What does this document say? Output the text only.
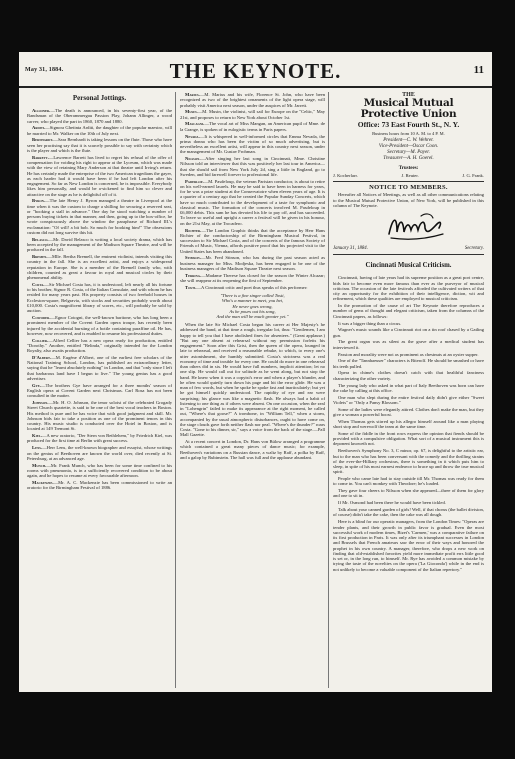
May 31, 1884.	THE KEYNOTE.	11
Personal Jottings.

Allioner.—The death is announced, in his seventy-first year, of the Bandsman of the Oberammergau Passion Play, Johann Allinger, a wood carver, who played the part in 1860, 1870 and 1880.

Arditi.—Signora Ghetinta Arditi, the daughter of the popular maestro, will be married to Mr. Walker on the 10th of July next.

Bernhardt.—Sara Bernhardt is taking lessons on the flute. Those who have seen her practising say that it is scarcely possible to say with certainty which is the player and which is the flute.

Barrett.—Lawrence Barrett has lived to regret his refusal of the offer of compensation for voiding his right to appear at the Lyceum, which was made with the view of retaining Mary Anderson at that theatre until Irving's return. He has certainly made the enterprise of the two American tragedians the gayer, as each harder had it would have been if he had left London after his engagement. So far as New London is concerned, he is impossible. Everybody likes him personally, and would be a-sickened to find him so clever and attractive on the stage as he is delightful off of it.

Byron.—The late Henry J. Byron managed a theatre in Liverpool at the time when it was the custom to charge a shilling for securing a reserved seat, or "booking a stall in advance." One day he stood watching a number of persons buying tickets in that manner, and then, going up to the box-office, he wrote conspicuously above the window the paraphrase of Richard III.'s exclamation: "Of will! a bit bob. So much for booking him!" The obsessions custom did not long survive this hit.

Belasco.—Mr. David Belasco is writing a local society drama, which has been accepted by the management of the Madison Square Theatre, and will be produced in the fall.

Bremen.—Mlle. Bertha Bremell, the eminent violinist, intends visiting this country in the fall. She is an excellent artist, and enjoys a widespread reputation in Europe. She is a member of the Bremell family who, with children, counted as great a favour in royal and musical circles by their phenomenal ability.

Costa.—Sir Michael Costa has, it is understood, left nearly all his fortune to his brother, Signor R. Costa, of the Italian Consulate, and with whom he has resided for many years past. His property consists of two freehold houses in Eccleston-square, Belgravia, with stocks and securities probably worth about £10,000. Costa's magnificent library of scores, etc., will probably be sold by auction.

Cowoder.—Egnor Cotogni, the well-known baritone, who has long been a prominent member of the Covent Garden opera troupe, has recently been injured by the accidental bursting of a bottle containing paraffine oil. He has, however, now recovered, and is enabled to resume his professional duties.

Collier.—Alfred Cellier has a new opera ready for production, entitled "Dorothy." Another, entitled "Belinda," originally intended for the London Royalty, also awaits production.

D'Albert.—M. Eugène d'Albert, one of the earliest free scholars of the National Training School, London, has published an extraordinary letter, saying that he "learnt absolutely nothing" in London, and that "only since I left that barbarous land have I begun to live." The young genius has a good advertiser.

Gye.—The brothers Gye have arranged for a three months' season of English opera at Covent Garden next Christmas. Carl Rosa has not been consulted in the matter.

Johnson.—Mr. H. O. Johnson, the tenor soloist of the celebrated Grogady Street Church quartette, is said to be one of the best vocal teachers in Boston. His method is pure and he has voice that with good judgment and skill. Mr. Johnson bids fair to take a position as one of the prominent tenors in this country. His music studio is conducted over the Hotel in Boston, and is located at 149 Tremont St.

Kiel.—A new oratorio, "Der Stern von Bethlehem," by Friedrich Kiel, was produced for the first time at Berlin with great success.

Lens.—Herr Lens, the well-known biographer and essayist, whose writings on the genius of Beethoven are known the world over, died recently at St. Petersburg, at an advanced age.

Munch.—Mr. Frank Munch, who has been for some time confined to his rooms with pneumonia, is in a sufficiently recovered condition to be about again, and he hopes to resume at every favourable afternoon.

Mackenzie.—Mr. A. C. Mackenzie has been commissioned to write an oratorio for the Birmingham Festival of 1886.

Marius.—M. Marius and his wife, Florence St. John, who have been recognized as two of the brightest ornaments of the light opera stage, will probably visit America next season, under the auspices of Mr. Jarrett.

Musin.—M. Musin, the violinist, will sail for Europe on the "Celtic," May 21st, and proposes to return to New York about October 1st.

Mascagni.—The vocal art of Miss Mangan, an American pupil of Mme. de la Grange, is spoken of in eulogistic terms in Paris papers.

Nevada.—It is whispered in well-informed circles that Emma Nevada, the prima donna who has been the victim of so much advertising, but is nevertheless an excellent artist, will appear in this country next season, under the management of Mr. Gustav Frohman.

Nilsson.—After singing her last song in Cincinnati, Mme. Christine Nilsson told an interviewer that this was positively her last tour in America—that she should sail from New York July 2d, sing a little in England, go to Sweden, and bid farewell forever to professional life.

Paderlop.—M. Pasdeloup, the veteran Parisian conductor, is about to retire on his well-earned laurels. He may be said to have been in harness for years, for he was a prize student at the Conservatoire when eleven years of age. It is a quarter of a century ago that he created the Popular Sunday Concerts, which have so much contributed to the development of a taste for symphonic and classical music. The formation of the concerts involved M. Pasdeloup in £6,000 debts. This sum he has devoted his life to pay off, and has succeeded. To leave so useful and upright a career a festival will be given in his honour, on the 21st May, at the Trocadero.

Richter.—The London Graphic thinks that the acceptance by Herr Hans Richter of the conductorship of the Birmingham Musical Festival, in succession to Sir Michael Costa, and of the concerts of the famous Society of Friends of Music, Vienna, affords positive proof that his projected visit to the United States has been abandoned.

Stimson.—Mr. Fred Stinson, who has during the past season acted as business manager for Miss. Modjeska, has been engaged to be one of the business managers of the Madison Square Theatre next season.

Terrina.—Madame Therese has closed for the season the Winter Alcazar; she will reappear at its reopening the first of September.

Tosti.—A Cincinnati critic and poet thus speaks of this performer:

"There is a fine singer called Tosti,
Who's a manner to meet, you bet,
He never goes wrong,
As he pours out his song,
And the man will be much greater yet."

When the late Sir Michael Costa began his career at Her Majesty's he addressed the band, at that time a rough, irregular lot, thus: "Gentlemen, I am happy to tell you that I have abolished fines for absentees." (Great applause.) "But any one absent at rehearsal without my permission forfeits his engagement." Soon after this Grisi, then the queen of the opera, lounged in late to rehearsal, and received a reasonable rebuke, to which, to every one's utter astonishment, she humbly submitted. Costa's strictness was a real economy of time and trouble for every one. He could do more in one rehearsal than others did in six. He would have full numbers, implicit attention; let no one slip. He would call out for solitude as he went along, but not stop the band. He knew when it was a copyist's error and when a player's blunder, and he often would quietly turn down his page and hit the error glide. He was a man of few words, but when he spoke he spoke fast and inarticulately; but yet he got himself quickly understood. The rapidity of eye and ear were surprising; his glance was like a magnetic flash. He always had a habit of listening to one thing as if others were absent. On one occasion, when the zeal in "Lohengrin" failed to make its appearance at the right moment, he called out, "Where's that goose?" A trombone, in "William Tell," when a storm, accompanied by the usual atmospheric disturbances, ought to have come on, the stage clouds gave forth neither flash nor peal. "Where's the thunder?" roars Costa. "Gone to his dinner, sir," says a voice from the back of the stage.—Pall Mall Gazette.

At a recent concert in London, Dr. Hans von Bülow arranged a programme which contained a great many pieces of dance music; for example, Beethoven's variations on a Russian dance, a waltz by Raff, a polka by Raff, and a galop by Rubinstein. The hall was full and the applause abundant.

THE
Musical Mutual Protective Union
Office: 73 East Fourth St., N. Y.
Business hours from 10 A. M. to 4 P. M.
President—C. W. Wehrer.
Vice-President—Oscar Coon.
Secretary—M. Payer.
Treasurer—A. H. Goerel.
Trustees:
J. Kocherlarr.	J. Reuter.	J. G. Frank.
NOTICE TO MEMBERS.

Hereafter all Notices of Meetings, as well as all other communications relating to the Musical Mutual Protective Union, of New York, will be published in this column of The Keynote.

January 31, 1884.	Secretary.
Cincinnati Musical Criticism.

Cincinnati, having of late years had its supreme position as a great port centre, bids fair to become even more famous than ever as the purveyor of musical criticism. The occasion of the late festivals afforded the cultivated writers of that city an opportunity for the exhibition of their intelligence, diction, wit and refinement, which these qualities are employed to musical criticism.

In the promotion of the cause of art The Keynote therefore reproduces a number of gems of thought and elegant criticism, taken from the columns of the Cincinnati papers, as follows:

It was a bigger thing than a circus.

Wagner's music sounds like a Cincinnati riot on a tin roof chased by a Gatling gun.

The great organ was as silent as the grave after a medical student has interviewed it.

Passion and morality were not as prominent as chestnuts at an oyster supper.

One of the "Tannhaeuser" characters is Biterolf. He should be smashed or have his teeth pulled.

Opera in chime's clothes doesn't catch with that healthful fanciness characterizing the other variety.

The young lady who asked in what part of Italy Beethoven was born can have the cake by calling at this office.

One man who slept during the entire festival daily didn't give either "Sweet Violets" or "Only a Pansy Blossom."

Some of the ladies were elegantly attired. Clothes don't make the man, but they give a woman a powerful boost.

When Thomas gets stirred up his allegro himself around like a man playing short stop and werewolf the team at the same time.

Some of the fiddle in the front rows express the opinion that fiends should be provided with a compulsive obligation. What sort of a musical instrument this is deponent knoweth not.

Beethoven's Symphony No. 3, C minor, op. 67, is delightful to the artistic ear, but to the man who has been conversant with the comedy and the thrilling strains of the ever-the-Hilliary orchestras, there is something in it which puts him to sleep, in spite of his most earnest endeavor to brace up and throw the true musical spirit.

People who came late had to stay outside till Mr. Thomas was ready for them to come in. You can't monkey with Theodore; he's loaded.

They gave four cheers to Nilsson when she appeared—three of them for glory and one to sit in.

If Mr. Osmond had been there he would have been tickled.

Talk about your canned garden of girls! Well, if that chorus (the ballet division, of course) didn't take the cake, then the cake was all dough.

Here is a blind for our operatic managers, from the London Times: "Operas are tender plants, and their growth in public favor is gradual. Even the most successful work of modern times, Bizet's 'Carmen,' was a comparative failure on its first production in Paris. It was only after its triumphant successes in London and Brussels that French amateurs saw the error of their ways and honored the prophet in his own country. A manager, therefore, who drops a new work on finding that old-established favorites yield more immediate profit errs little good is set or, in the long run, to himself. Mr. Rye has avoided a common mistake by trying the taste of the novelties on the opera ('La Gioconda') while in the end is not unlikely to become a valuable component of the Italian repertory."
